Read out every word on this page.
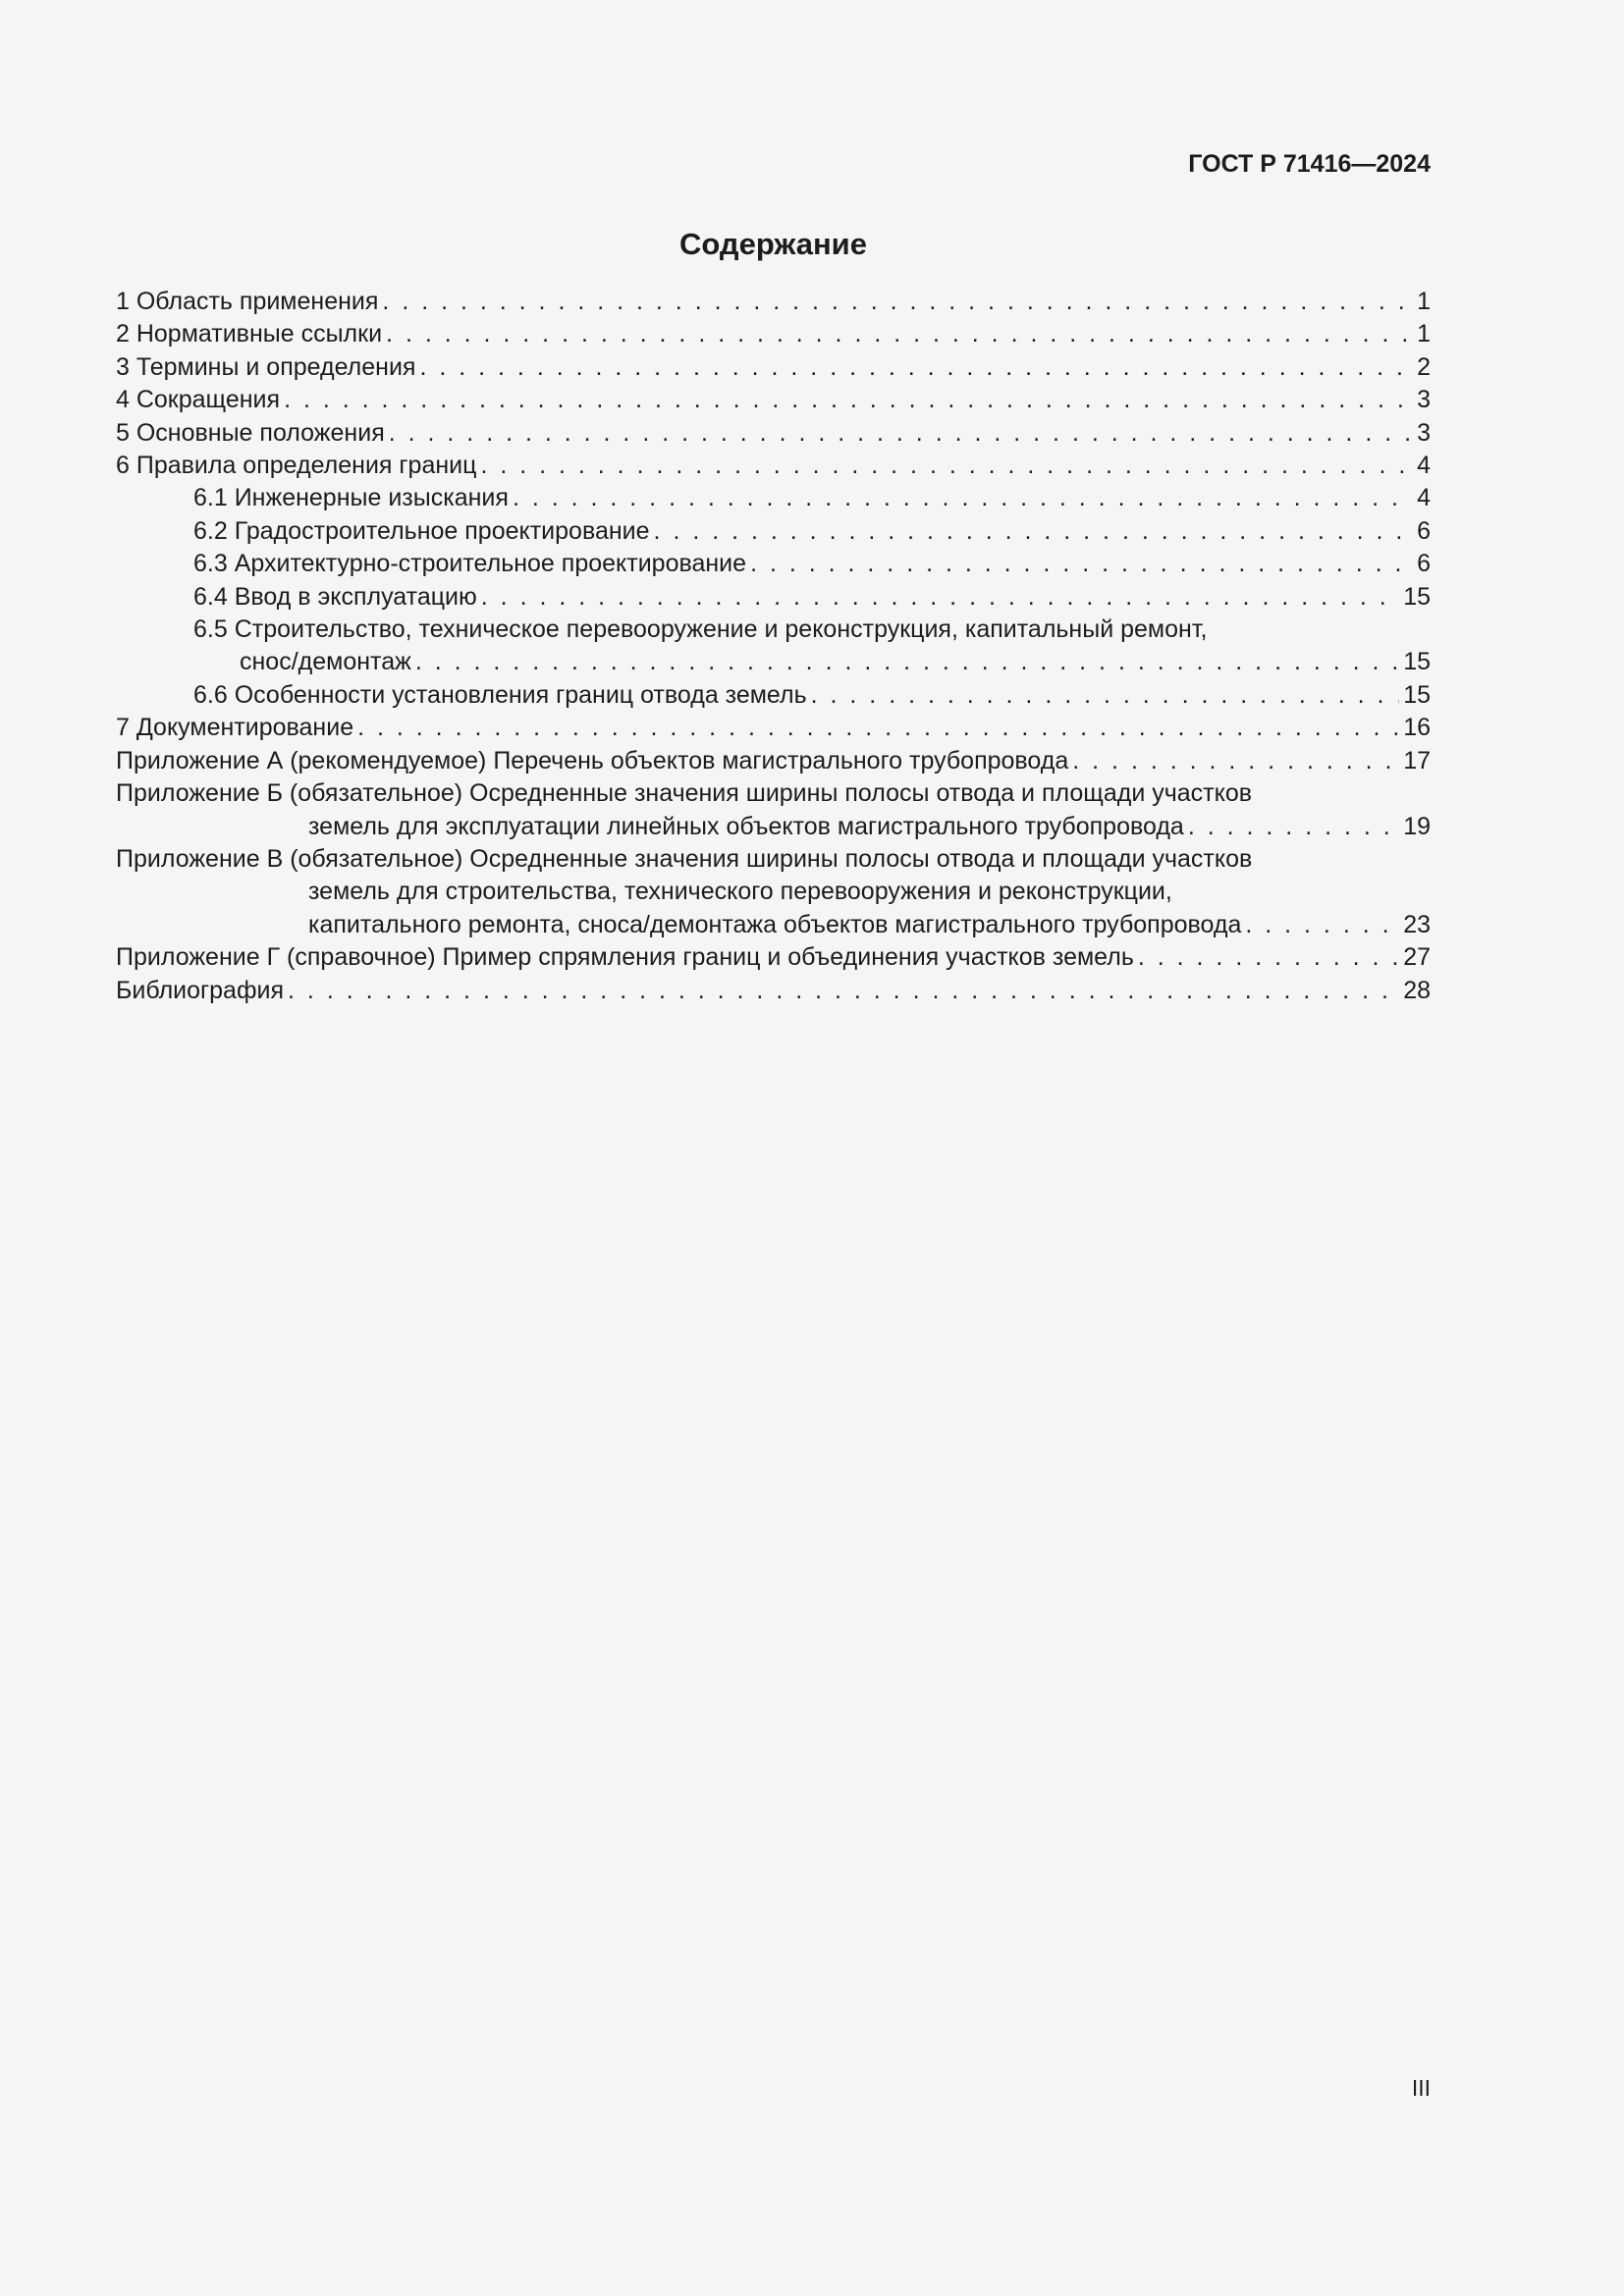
ГОСТ Р 71416—2024
Содержание
1 Область применения . . .	1
2 Нормативные ссылки . . .	1
3 Термины и определения . . .	2
4 Сокращения . . .	3
5 Основные положения . . .	3
6 Правила определения границ . . .	4
6.1 Инженерные изыскания . . .	4
6.2 Градостроительное проектирование . . .	6
6.3 Архитектурно-строительное проектирование . . .	6
6.4 Ввод в эксплуатацию . . .	15
6.5 Строительство, техническое перевооружение и реконструкция, капитальный ремонт,
снос/демонтаж . . .	15
6.6 Особенности установления границ отвода земель . . .	15
7 Документирование . . .	16
Приложение А (рекомендуемое) Перечень объектов магистрального трубопровода . . .	17
Приложение Б (обязательное) Осредненные значения ширины полосы отвода и площади участков
земель для эксплуатации линейных объектов магистрального трубопровода . . .	19
Приложение В (обязательное) Осредненные значения ширины полосы отвода и площади участков
земель для строительства, технического перевооружения и реконструкции,
капитального ремонта, сноса/демонтажа объектов магистрального трубопровода . . .	23
Приложение Г (справочное) Пример спрямления границ и объединения участков земель . . .	27
Библиография . . .	28
III
